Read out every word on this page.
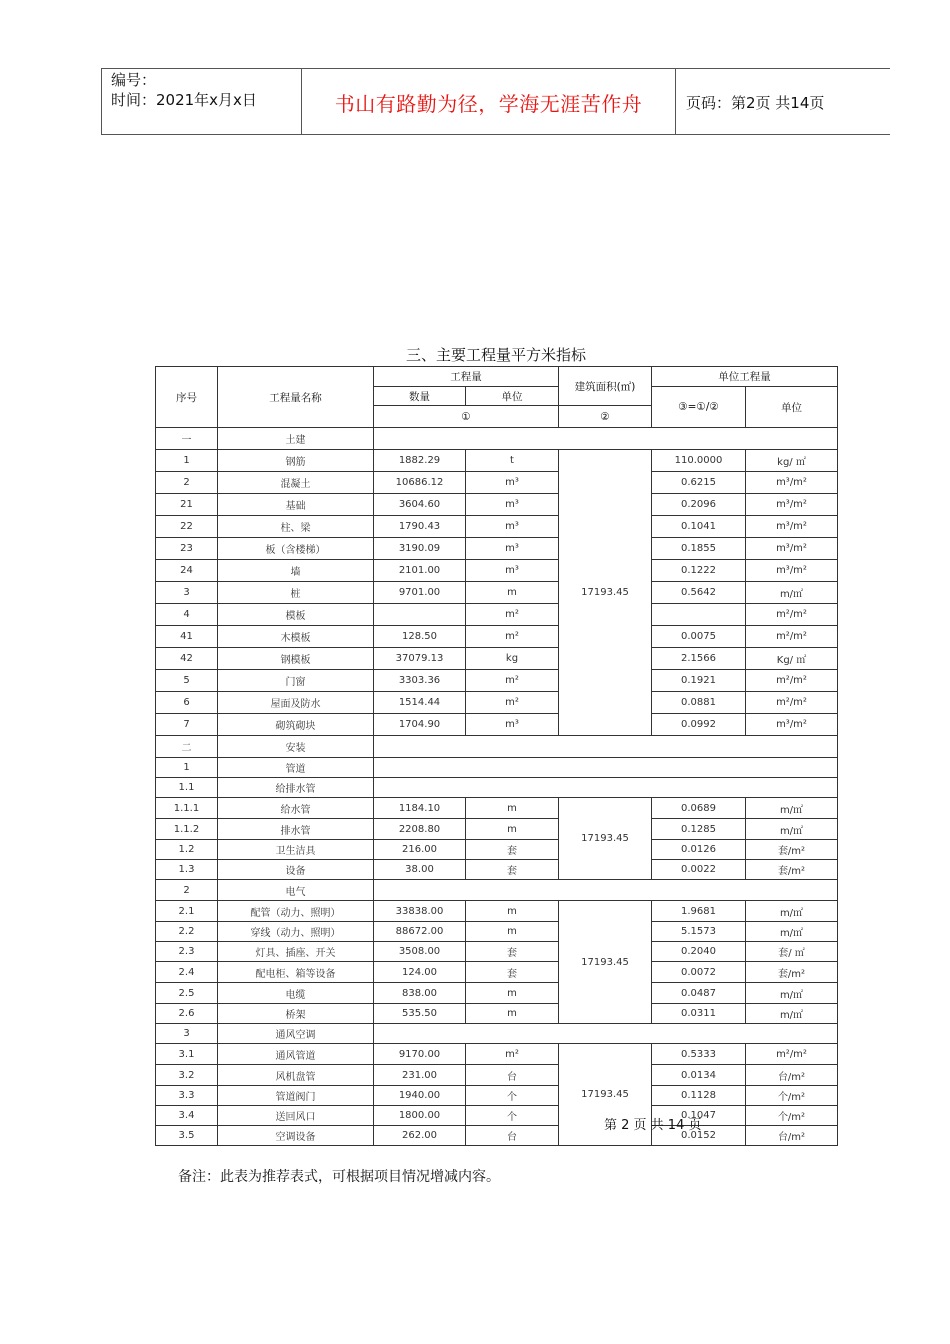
编号：
时间：2021年x月x日	书山有路勤为径，学海无涯苦作舟	页码：第2页 共14页
三、主要工程量平方米指标
序号	工程量名称	工程量		建筑面积(㎡)	单位工程量	
		数量	单位		③=①/②	单位
		①		②		
一	土建					
1	钢筋	1882.29	t	17193.45	110.0000	kg/ ㎡
2	混凝土	10686.12	m³		0.6215	m³/m²
21	基础	3604.60	m³		0.2096	m³/m²
22	柱、梁	1790.43	m³		0.1041	m³/m²
23	板（含楼梯）	3190.09	m³		0.1855	m³/m²
24	墙	2101.00	m³		0.1222	m³/m²
3	桩	9701.00	m		0.5642	m/㎡
4	模板		m²			m²/m²
41	木模板	128.50	m²		0.0075	m²/m²
42	钢模板	37079.13	kg		2.1566	Kg/ ㎡
5	门窗	3303.36	m²		0.1921	m²/m²
6	屋面及防水	1514.44	m²		0.0881	m²/m²
7	砌筑砌块	1704.90	m³		0.0992	m³/m²
二	安装					
1	管道					
1.1	给排水管					
1.1.1	给水管	1184.10	m	17193.45	0.0689	m/㎡
1.1.2	排水管	2208.80	m		0.1285	m/㎡
1.2	卫生洁具	216.00	套		0.0126	套/m²
1.3	设备	38.00	套		0.0022	套/m²
2	电气					
2.1	配管（动力、照明）	33838.00	m	17193.45	1.9681	m/㎡
2.2	穿线（动力、照明）	88672.00	m		5.1573	m/㎡
2.3	灯具、插座、开关	3508.00	套		0.2040	套/ ㎡
2.4	配电柜、箱等设备	124.00	套		0.0072	套/m²
2.5	电缆	838.00	m		0.0487	m/㎡
2.6	桥架	535.50	m		0.0311	m/㎡
3	通风空调					
3.1	通风管道	9170.00	m²	17193.45	0.5333	m²/m²
3.2	风机盘管	231.00	台		0.0134	台/m²
3.3	管道阀门	1940.00	个		0.1128	个/m²
3.4	送回风口	1800.00	个		0.1047	个/m²
3.5	空调设备	262.00	台		0.0152	台/m²
第 2 页 共 14 页
备注：此表为推荐表式，可根据项目情况增减内容。
